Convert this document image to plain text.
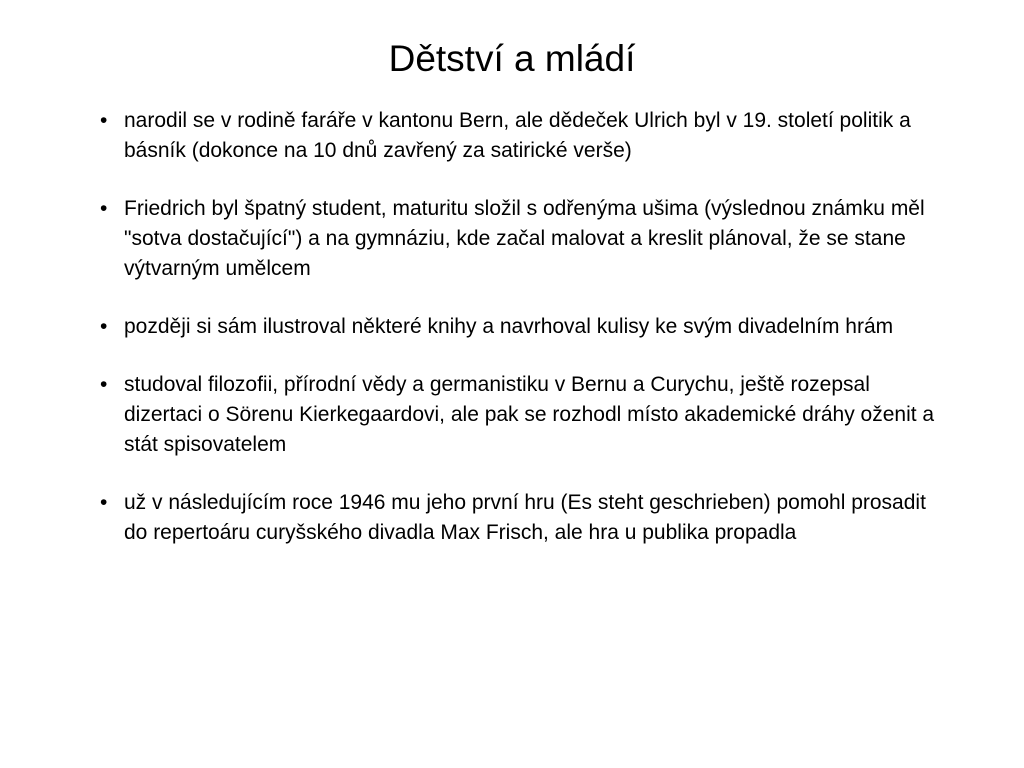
Dětství a mládí
• narodil se v rodině faráře v kantonu Bern, ale dědeček Ulrich byl v 19. století politik a básník (dokonce na 10 dnů zavřený za satirické verše)
• Friedrich byl špatný student, maturitu složil s odřenýma ušima (výslednou známku měl "sotva dostačující") a na gymnáziu, kde začal malovat a kreslit plánoval, že se stane výtvarným umělcem
• později si sám ilustroval některé knihy a navrhoval kulisy ke svým divadelním hrám
• studoval filozofii, přírodní vědy a germanistiku v Bernu a Curychu, ještě rozepsal dizertaci o Sörenu Kierkegaardovi, ale pak se rozhodl místo akademické dráhy oženit a stát spisovatelem
• už v následujícím roce 1946 mu jeho první hru (Es steht geschrieben) pomohl prosadit do repertoáru curyšského divadla Max Frisch, ale hra u publika propadla
